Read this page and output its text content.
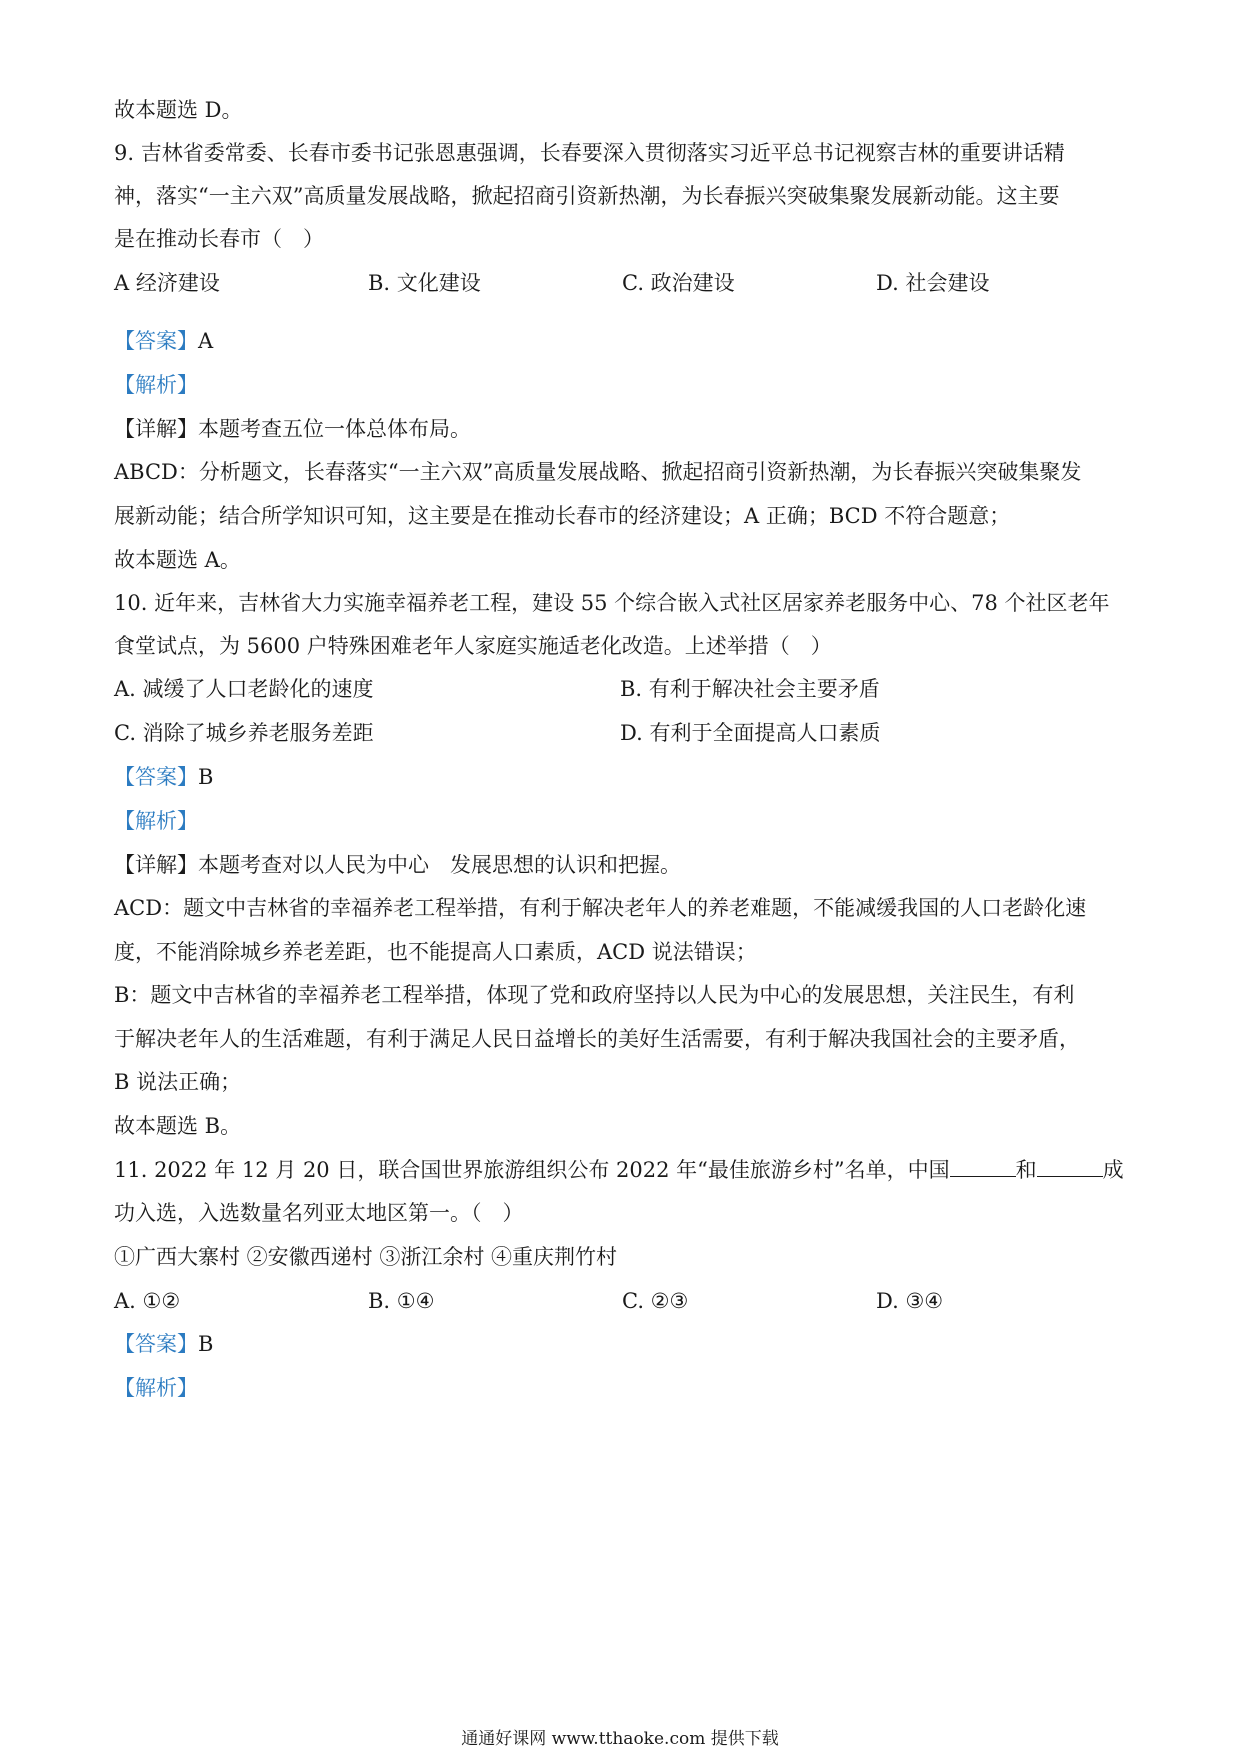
故本题选 D。
9. 吉林省委常委、长春市委书记张恩惠强调，长春要深入贯彻落实习近平总书记视察吉林的重要讲话精
神，落实“一主六双”高质量发展战略，掀起招商引资新热潮，为长春振兴突破集聚发展新动能。这主要
是在推动长春市（　）
A 经济建设	B. 文化建设	C. 政治建设	D. 社会建设
【答案】A
【解析】
【详解】本题考查五位一体总体布局。
ABCD：分析题文，长春落实“一主六双”高质量发展战略、掀起招商引资新热潮，为长春振兴突破集聚发
展新动能；结合所学知识可知，这主要是在推动长春市的经济建设；A 正确；BCD 不符合题意；
故本题选 A。
10. 近年来，吉林省大力实施幸福养老工程，建设 55 个综合嵌入式社区居家养老服务中心、78 个社区老年
食堂试点，为 5600 户特殊困难老年人家庭实施适老化改造。上述举措（　）
A. 减缓了人口老龄化的速度	B. 有利于解决社会主要矛盾
C. 消除了城乡养老服务差距	D. 有利于全面提高人口素质
【答案】B
【解析】
【详解】本题考查对以人民为中心　发展思想的认识和把握。
ACD：题文中吉林省的幸福养老工程举措，有利于解决老年人的养老难题，不能减缓我国的人口老龄化速
度，不能消除城乡养老差距，也不能提高人口素质，ACD 说法错误；
B：题文中吉林省的幸福养老工程举措，体现了党和政府坚持以人民为中心的发展思想，关注民生，有利
于解决老年人的生活难题，有利于满足人民日益增长的美好生活需要，有利于解决我国社会的主要矛盾，
B 说法正确；
故本题选 B。
11. 2022 年 12 月 20 日，联合国世界旅游组织公布 2022 年“最佳旅游乡村”名单，中国	和	成
功入选，入选数量名列亚太地区第一。（　）
①广西大寨村 ②安徽西递村 ③浙江余村 ④重庆荆竹村
A. ①②	B. ①④	C. ②③	D. ③④
【答案】B
【解析】
通通好课网 www.tthaoke.com 提供下载
